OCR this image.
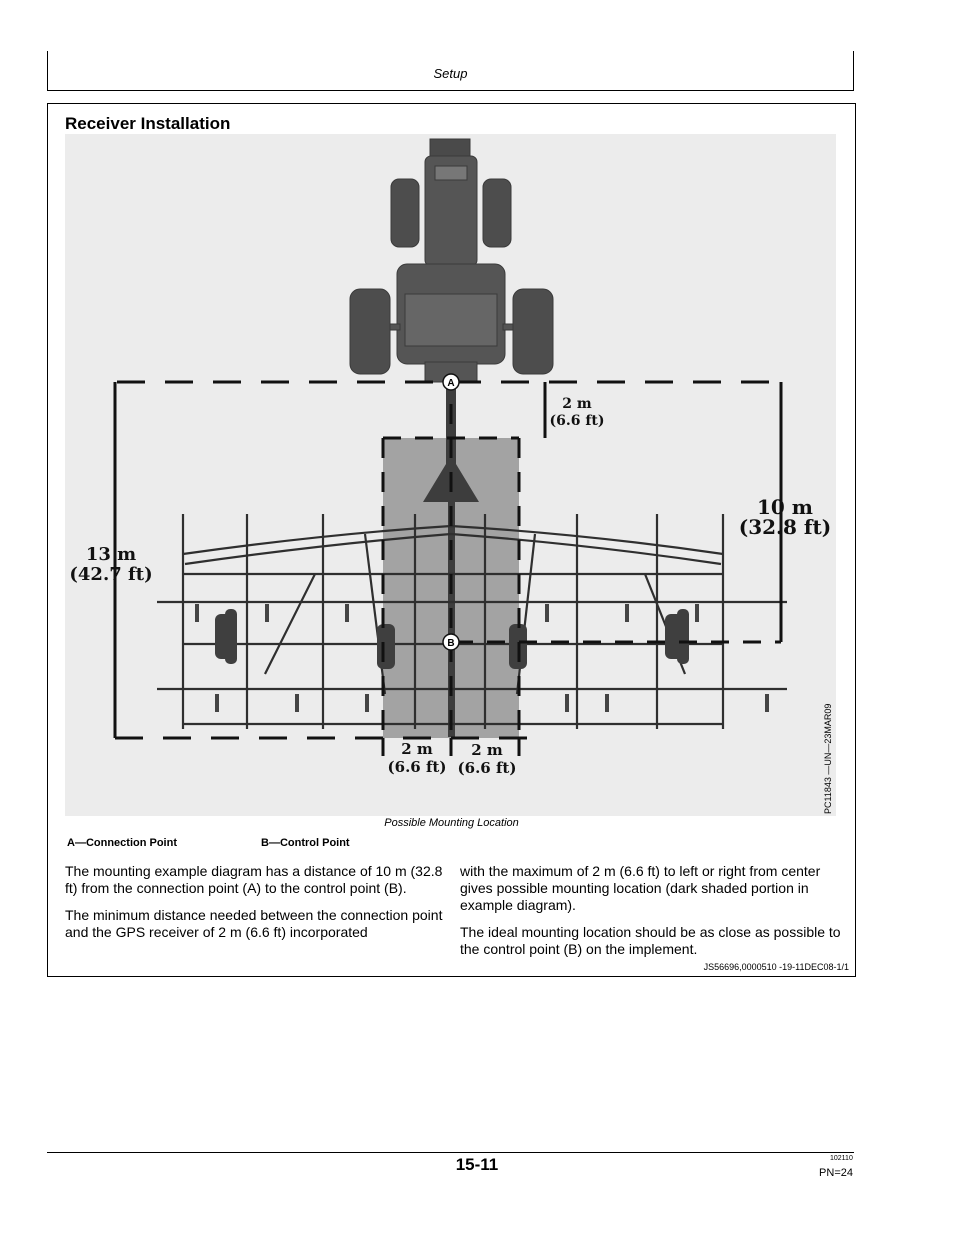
Setup
Receiver Installation
A
B
13 m
(42.7 ft)
10 m
(32.8 ft)
2 m
(6.6 ft)
2 m
(6.6 ft)
2 m
(6.6 ft)	PC11843 —UN—23MAR09
Possible Mounting Location
A—Connection Point	B—Control Point

The mounting example diagram has a distance of 10 m (32.8 ft) from the connection point (A) to the control point (B).

The minimum distance needed between the connection point and the GPS receiver of 2 m (6.6 ft) incorporated

with the maximum of 2 m (6.6 ft) to left or right from center gives possible mounting location (dark shaded portion in example diagram).

The ideal mounting location should be as close as possible to the control point (B) on the implement.

JS56696,0000510 -19-11DEC08-1/1
15-11	102110
PN=24
